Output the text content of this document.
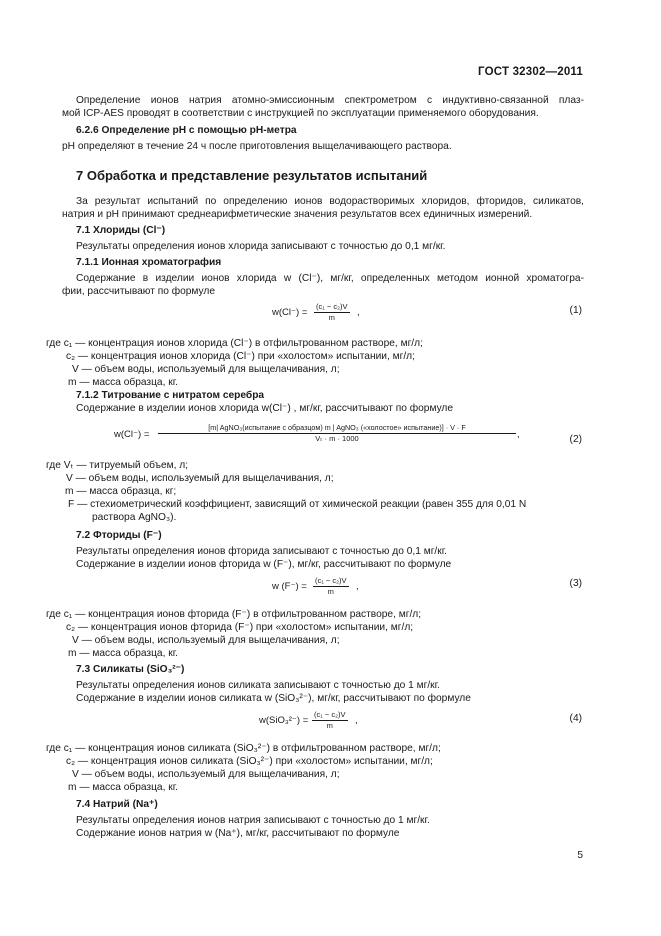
ГОСТ 32302—2011
Определение ионов натрия атомно-эмиссионным спектрометром с индуктивно-связанной плаз-
мой ICP-AES проводят в соответствии с инструкцией по эксплуатации применяемого оборудования.
6.2.6 Определение рН с помощью рН-метра
рН определяют в течение 24 ч после приготовления выщелачивающего раствора.
7 Обработка и представление результатов испытаний
За результат испытаний по определению ионов водорастворимых хлоридов, фторидов, силикатов,
натрия и рН принимают среднеарифметические значения результатов всех единичных измерений.
7.1 Хлориды (Cl⁻)
Результаты определения ионов хлорида записывают с точностью до 0,1 мг/кг.
7.1.1 Ионная хроматография
Содержание в изделии ионов хлорида w (Cl⁻), мг/кг, определенных методом ионной хроматогра-
фии, рассчитывают по формуле
$w(Cl^-) = \frac{\text{(c₁ − c₂)V}}{m}$ ,	(1)
где c₁ — концентрация ионов хлорида (Cl⁻) в отфильтрованном растворе, мг/л;
c₂ — концентрация ионов хлорида (Cl⁻) при «холостом» испытании, мг/л;
V — объем воды, используемый для выщелачивания, л;
m — масса образца, кг.
7.1.2 Титрование с нитратом серебра
Содержание в изделии ионов хлорида w(Cl⁻) , мг/кг, рассчитывают по формуле
w(Cl⁻) =
[m| AgNO₃(испытание с образцом) m | AgNO₃ («холостое» испытание)] · V · F
Vₜ · m · 1000	,	(2)
где Vₜ — титруемый объем, л;
V — объем воды, используемый для выщелачивания, л;
m — масса образца, кг;
F — стехиометрический коэффициент, зависящий от химической реакции (равен 355 для 0,01 N
раствора AgNO₃).
7.2 Фториды (F⁻)
Результаты определения ионов фторида записывают с точностью до 0,1 мг/кг.
Содержание в изделии ионов фторида w (F⁻), мг/кг, рассчитывают по формуле
w $(F^-) = \frac{\text{(c₁ − c₂)V}}{m}$ ,	(3)
где c₁ — концентрация ионов фторида (F⁻) в отфильтрованном растворе, мг/л;
c₂ — концентрация ионов фторида (F⁻) при «холостом» испытании, мг/л;
V — объем воды, используемый для выщелачивания, л;
m — масса образца, кг.
7.3 Силикаты (SiO₃²⁻)
Результаты определения ионов силиката записывают с точностью до 1 мг/кг.
Содержание в изделии ионов силиката w (SiO₃²⁻), мг/кг, рассчитывают по формуле
$w(SiO_3^{2-}) = \frac{\text{(c₁ − c₂)V}}{m}$ ,	(4)
где c₁ — концентрация ионов силиката (SiO₃²⁻) в отфильтрованном растворе, мг/л;
c₂ — концентрация ионов силиката (SiO₃²⁻) при «холостом» испытании, мг/л;
V — объем воды, используемый для выщелачивания, л;
m — масса образца, кг.
7.4 Натрий (Na⁺)
Результаты определения ионов натрия записывают с точностью до 1 мг/кг.
Содержание ионов натрия w (Na⁺), мг/кг, рассчитывают по формуле
5
